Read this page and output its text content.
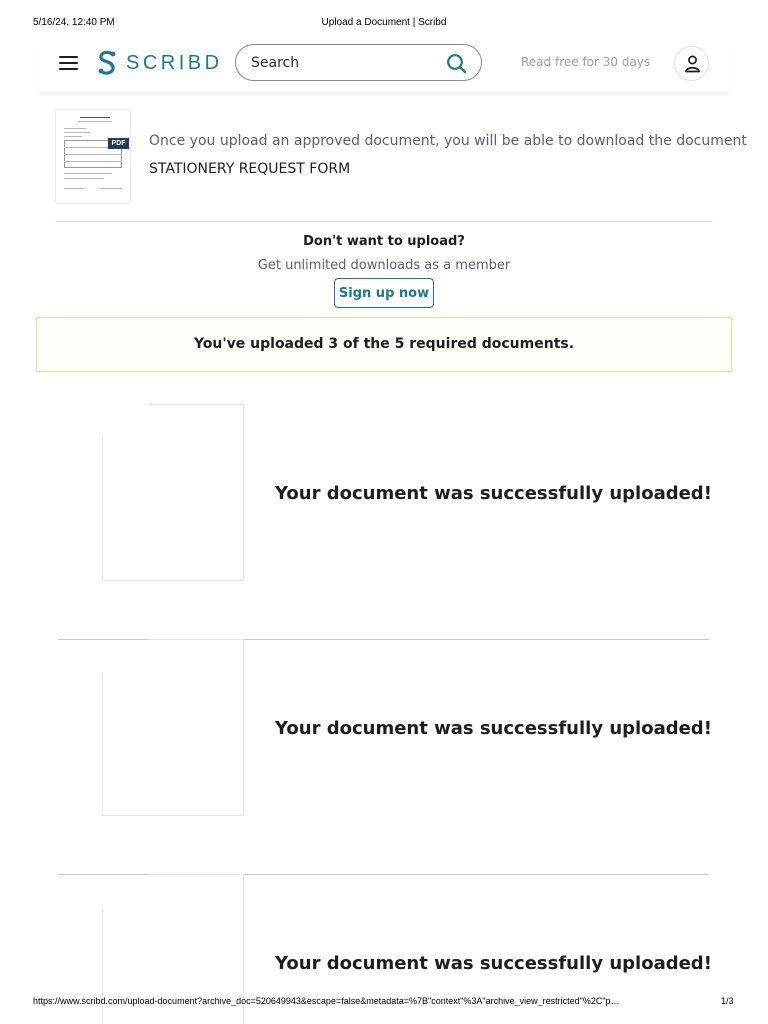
5/16/24, 12:40 PM	Upload a Document | Scribd
SCRIBD
Search	Read free for 30 days
PDF Once you upload an approved document, you will be able to download the document
STATIONERY REQUEST FORM
Don't want to upload?
Get unlimited downloads as a member
Sign up now
You've uploaded 3 of the 5 required documents.
Your document was successfully uploaded!
Your document was successfully uploaded!
Your document was successfully uploaded!
https://www.scribd.com/upload-document?archive_doc=520649943&escape=false&metadata=%7B"context"%3A"archive_view_restricted"%2C"p…	1/3
